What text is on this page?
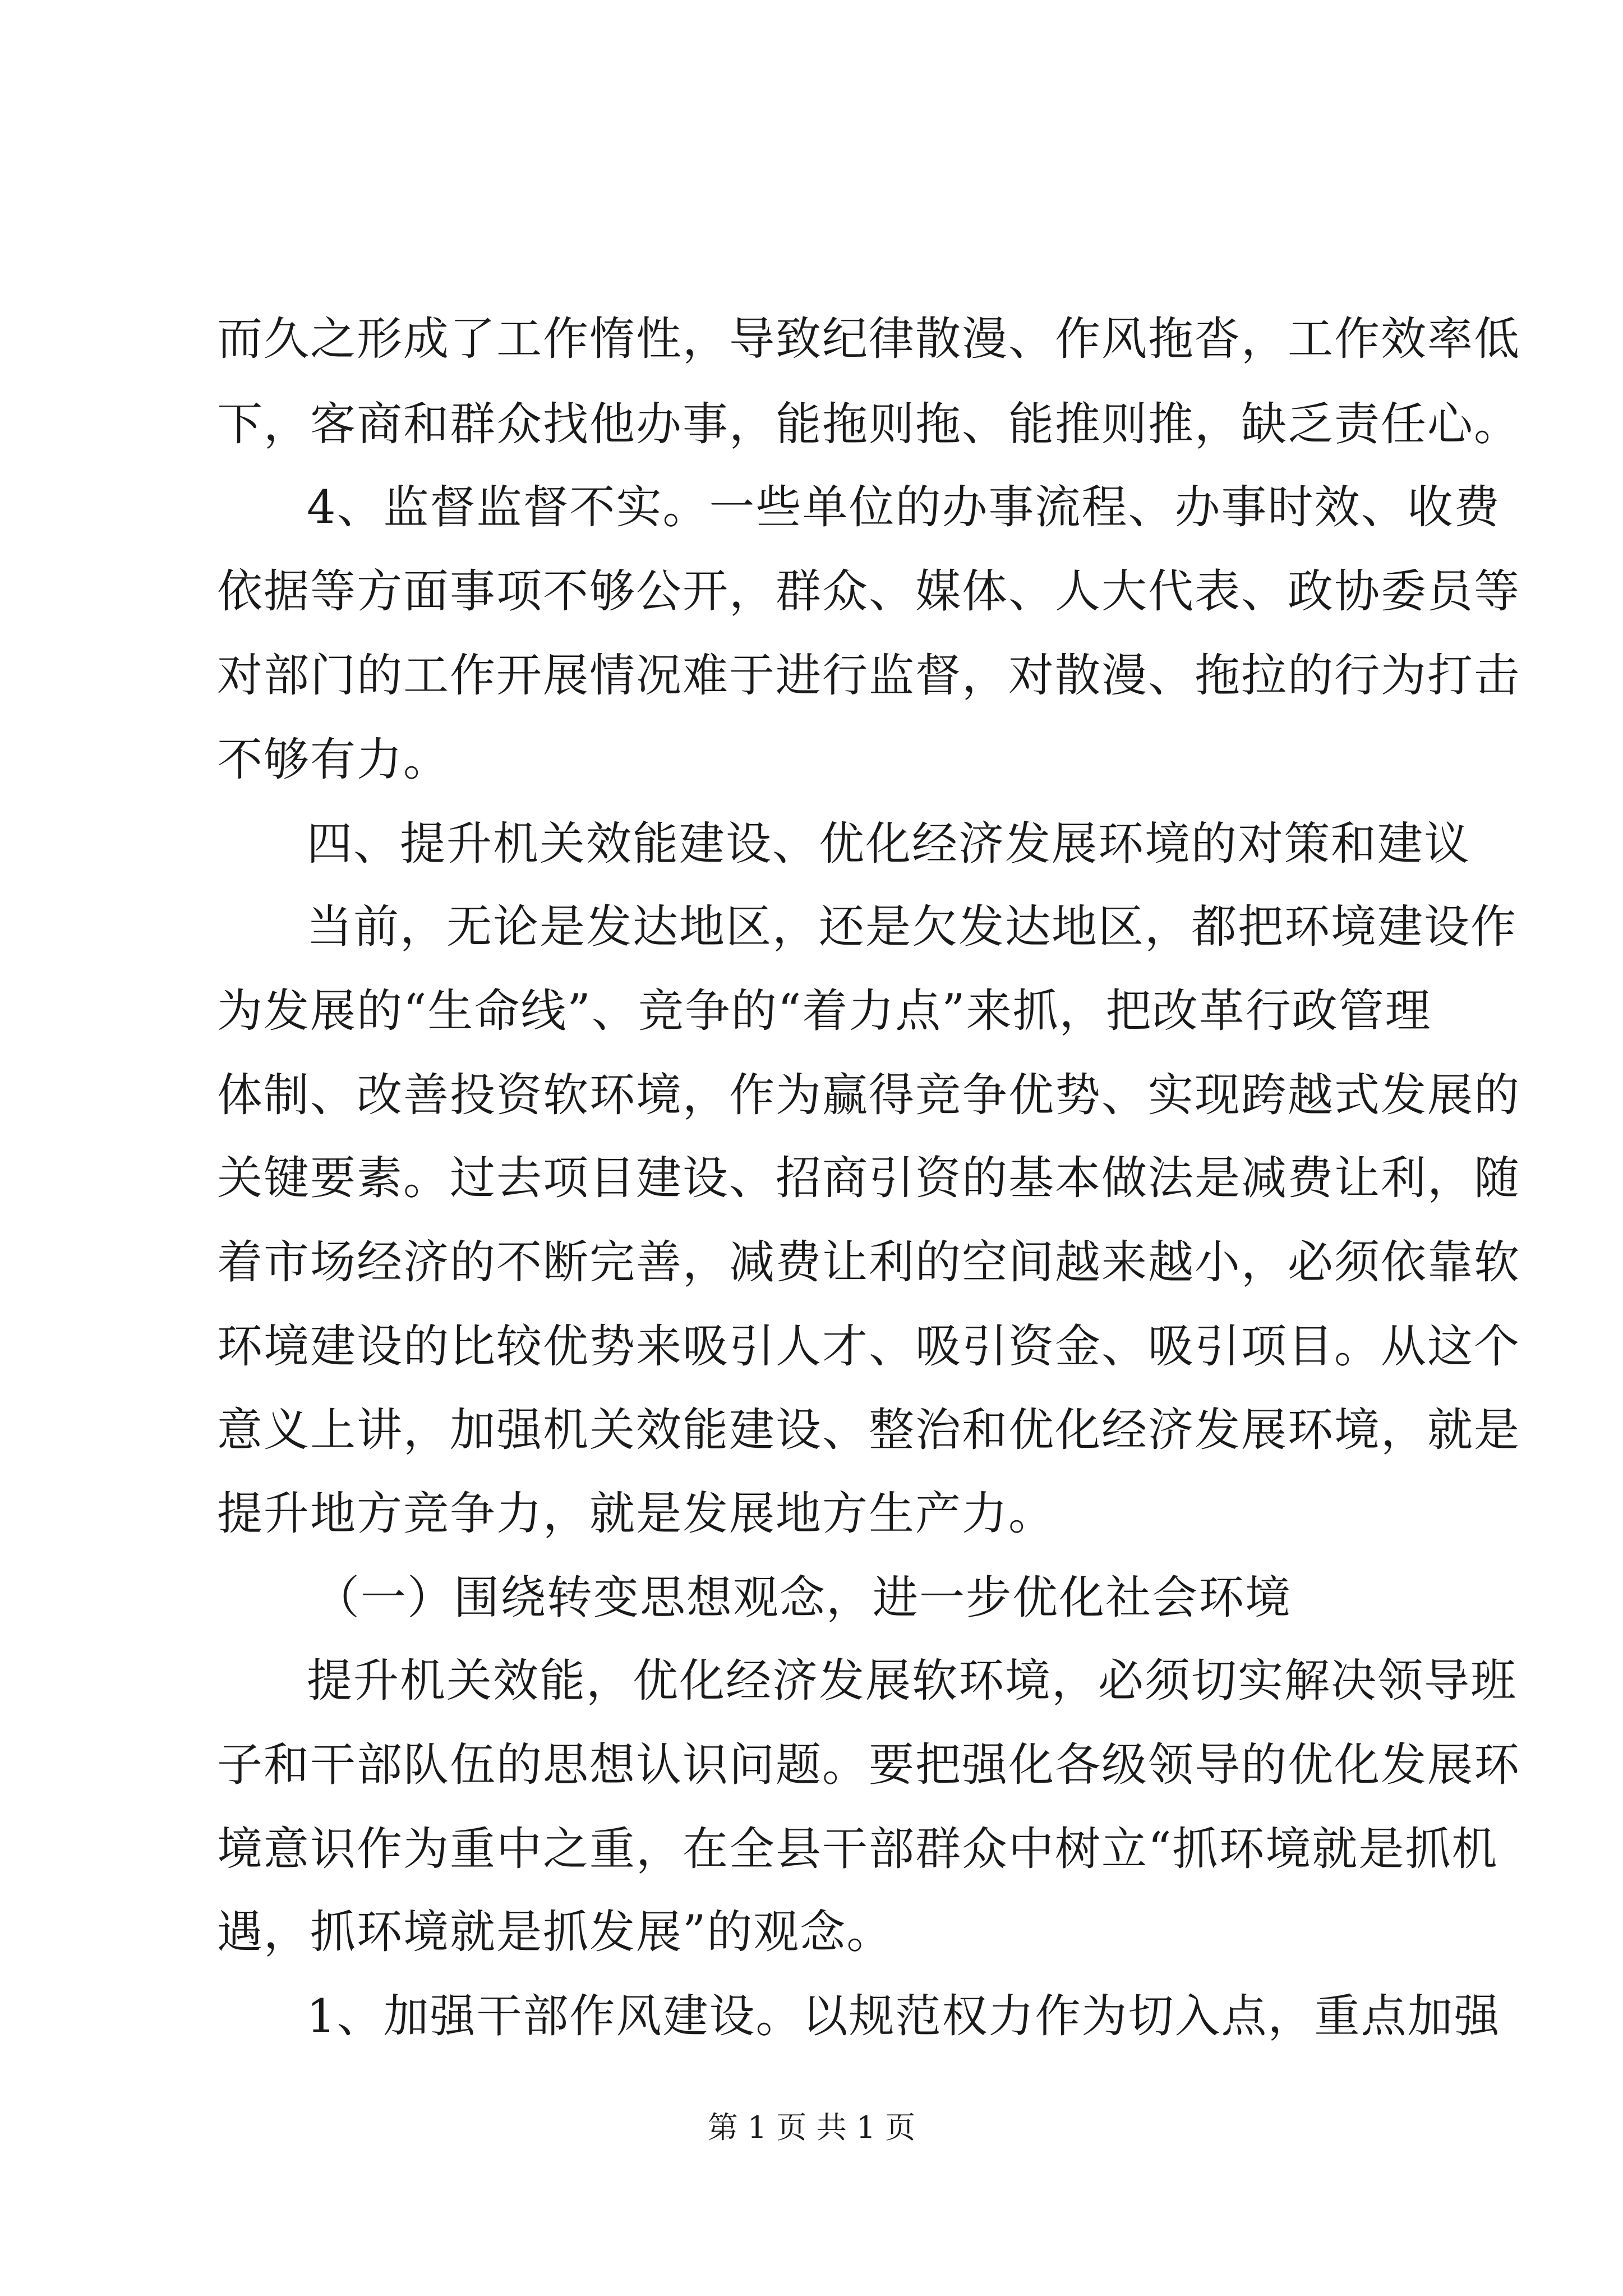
而久之形成了工作惰性，导致纪律散漫、作风拖沓，工作效率低
下，客商和群众找他办事，能拖则拖、能推则推，缺乏责任心。
4、监督监督不实。一些单位的办事流程、办事时效、收费
依据等方面事项不够公开，群众、媒体、人大代表、政协委员等
对部门的工作开展情况难于进行监督，对散漫、拖拉的行为打击
不够有力。
四、提升机关效能建设、优化经济发展环境的对策和建议
当前，无论是发达地区，还是欠发达地区，都把环境建设作
为发展的“生命线”、竞争的“着力点”来抓，把改革行政管理
体制、改善投资软环境，作为赢得竞争优势、实现跨越式发展的
关键要素。过去项目建设、招商引资的基本做法是减费让利，随
着市场经济的不断完善，减费让利的空间越来越小，必须依靠软
环境建设的比较优势来吸引人才、吸引资金、吸引项目。从这个
意义上讲，加强机关效能建设、整治和优化经济发展环境，就是
提升地方竞争力，就是发展地方生产力。
（一）围绕转变思想观念，进一步优化社会环境
提升机关效能，优化经济发展软环境，必须切实解决领导班
子和干部队伍的思想认识问题。要把强化各级领导的优化发展环
境意识作为重中之重，在全县干部群众中树立“抓环境就是抓机
遇，抓环境就是抓发展”的观念。
1、加强干部作风建设。以规范权力作为切入点，重点加强
第 1 页 共 1 页
